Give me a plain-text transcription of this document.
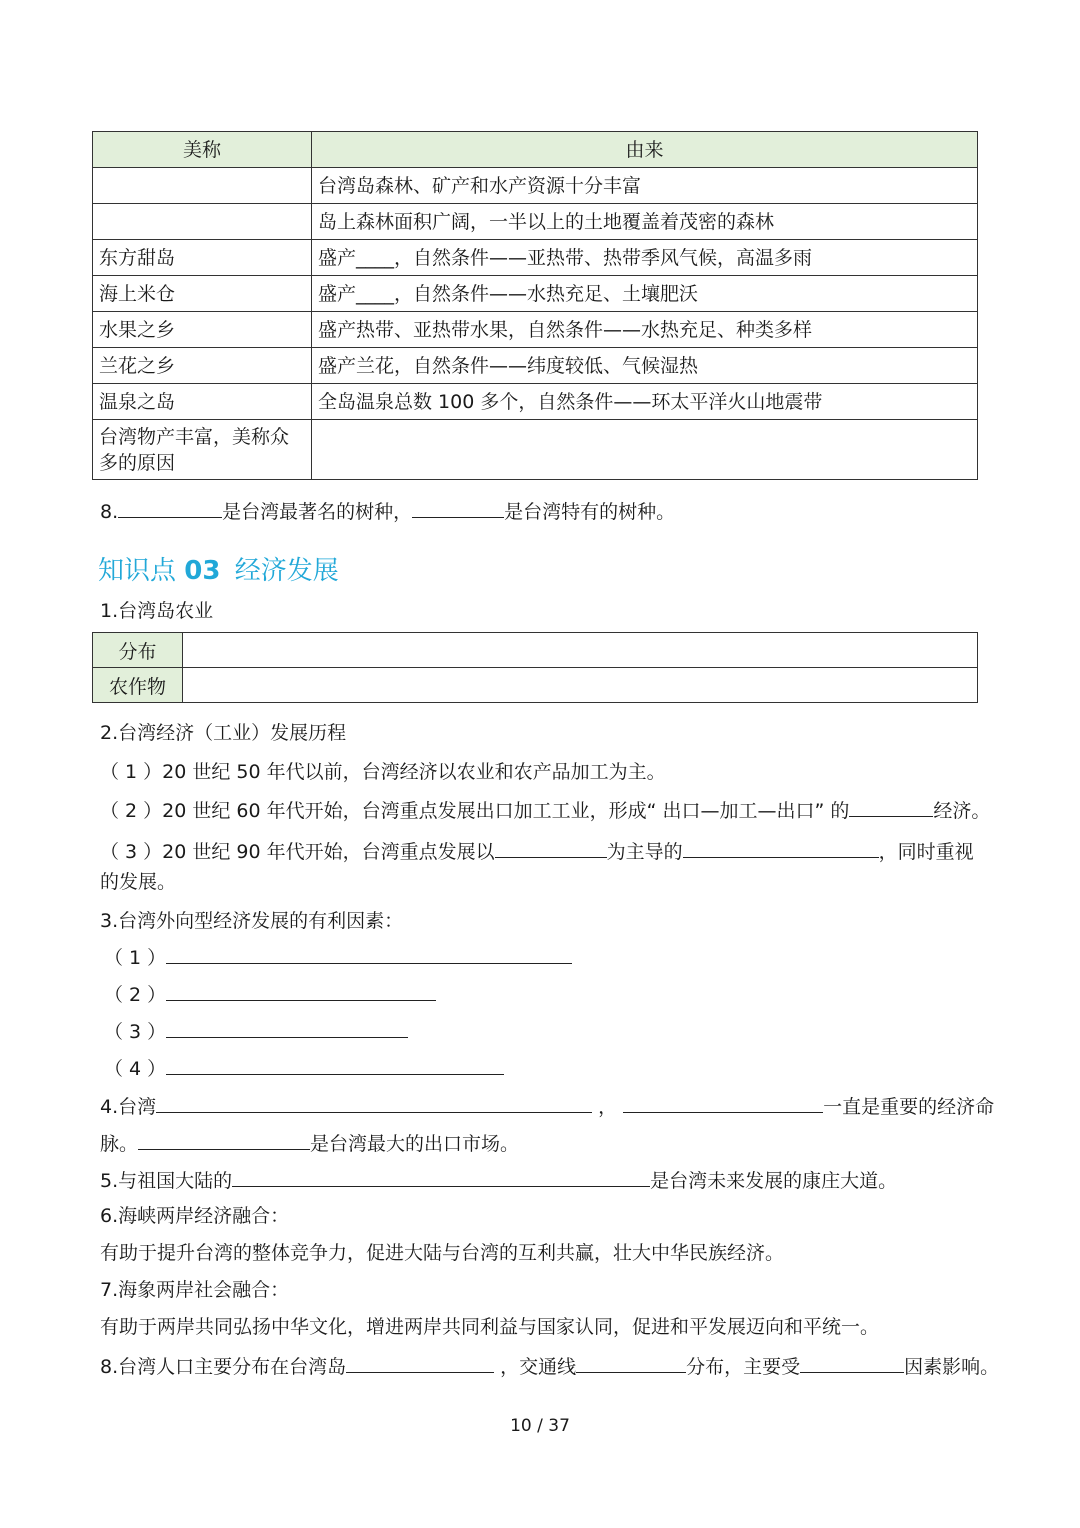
美称	由来
	台湾岛森林、矿产和水产资源十分丰富
	岛上森林面积广阔，一半以上的土地覆盖着茂密的森林
东方甜岛	盛产____，自然条件——亚热带、热带季风气候，高温多雨
海上米仓	盛产____，自然条件——水热充足、土壤肥沃
水果之乡	盛产热带、亚热带水果，自然条件——水热充足、种类多样
兰花之乡	盛产兰花，自然条件——纬度较低、气候湿热
温泉之岛	全岛温泉总数 100 多个，自然条件——环太平洋火山地震带
台湾物产丰富，美称众多的原因	
8.	是台湾最著名的树种，	是台湾特有的树种。
知识点 03 经济发展
1.台湾岛农业
分布	
农作物	
2.台湾经济（工业）发展历程
（ 1 ）20 世纪 50 年代以前，台湾经济以农业和农产品加工为主。
（ 2 ）20 世纪 60 年代开始，台湾重点发展出口加工工业，形成“ 出口—加工—出口” 的	经济。
（ 3 ）20 世纪 90 年代开始，台湾重点发展以	为主导的	，同时重视
的发展。
3.台湾外向型经济发展的有利因素：
（ 1 ）
（ 2 ）
（ 3 ）
（ 4 ）
4.台湾	，	一直是重要的经济命
脉。	是台湾最大的出口市场。
5.与祖国大陆的	是台湾未来发展的康庄大道。
6.海峡两岸经济融合：
有助于提升台湾的整体竞争力，促进大陆与台湾的互利共赢，壮大中华民族经济。
7.海象两岸社会融合：
有助于两岸共同弘扬中华文化，增进两岸共同利益与国家认同，促进和平发展迈向和平统一。
8.台湾人口主要分布在台湾岛	，交通线	分布，主要受	因素影响。
10 / 37
